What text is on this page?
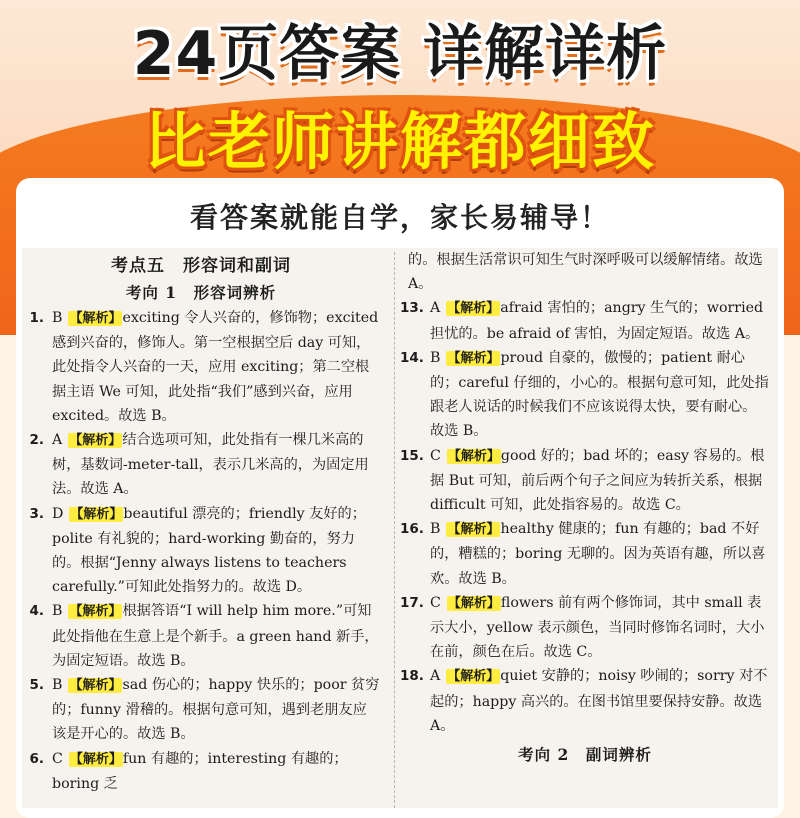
24页答案 详解详析
比老师讲解都细致
看答案就能自学，家长易辅导！
考点五　形容词和副词
考向 1　形容词辨析
1. B 【解析】exciting 令人兴奋的，修饰物；excited 感到兴奋的，修饰人。第一空根据空后 day 可知，此处指令人兴奋的一天，应用 exciting；第二空根据主语 We 可知，此处指“我们”感到兴奋，应用 excited。故选 B。
2. A 【解析】结合选项可知，此处指有一棵几米高的树，基数词-meter-tall，表示几米高的，为固定用法。故选 A。
3. D 【解析】beautiful 漂亮的；friendly 友好的；polite 有礼貌的；hard-working 勤奋的，努力的。根据“Jenny always listens to teachers carefully.”可知此处指努力的。故选 D。
4. B 【解析】根据答语“I will help him more.”可知此处指他在生意上是个新手。a green hand 新手，为固定短语。故选 B。
5. B 【解析】sad 伤心的；happy 快乐的；poor 贫穷的；funny 滑稽的。根据句意可知，遇到老朋友应该是开心的。故选 B。
6. C 【解析】fun 有趣的；interesting 有趣的；boring 乏
的。根据生活常识可知生气时深呼吸可以缓解情绪。故选 A。
13. A 【解析】afraid 害怕的；angry 生气的；worried 担忧的。be afraid of 害怕，为固定短语。故选 A。
14. B 【解析】proud 自豪的，傲慢的；patient 耐心的；careful 仔细的，小心的。根据句意可知，此处指跟老人说话的时候我们不应该说得太快，要有耐心。故选 B。
15. C 【解析】good 好的；bad 坏的；easy 容易的。根据 But 可知，前后两个句子之间应为转折关系，根据 difficult 可知，此处指容易的。故选 C。
16. B 【解析】healthy 健康的；fun 有趣的；bad 不好的，糟糕的；boring 无聊的。因为英语有趣，所以喜欢。故选 B。
17. C 【解析】flowers 前有两个修饰词，其中 small 表示大小，yellow 表示颜色，当同时修饰名词时，大小在前，颜色在后。故选 C。
18. A 【解析】quiet 安静的；noisy 吵闹的；sorry 对不起的；happy 高兴的。在图书馆里要保持安静。故选 A。
考向 2　副词辨析
